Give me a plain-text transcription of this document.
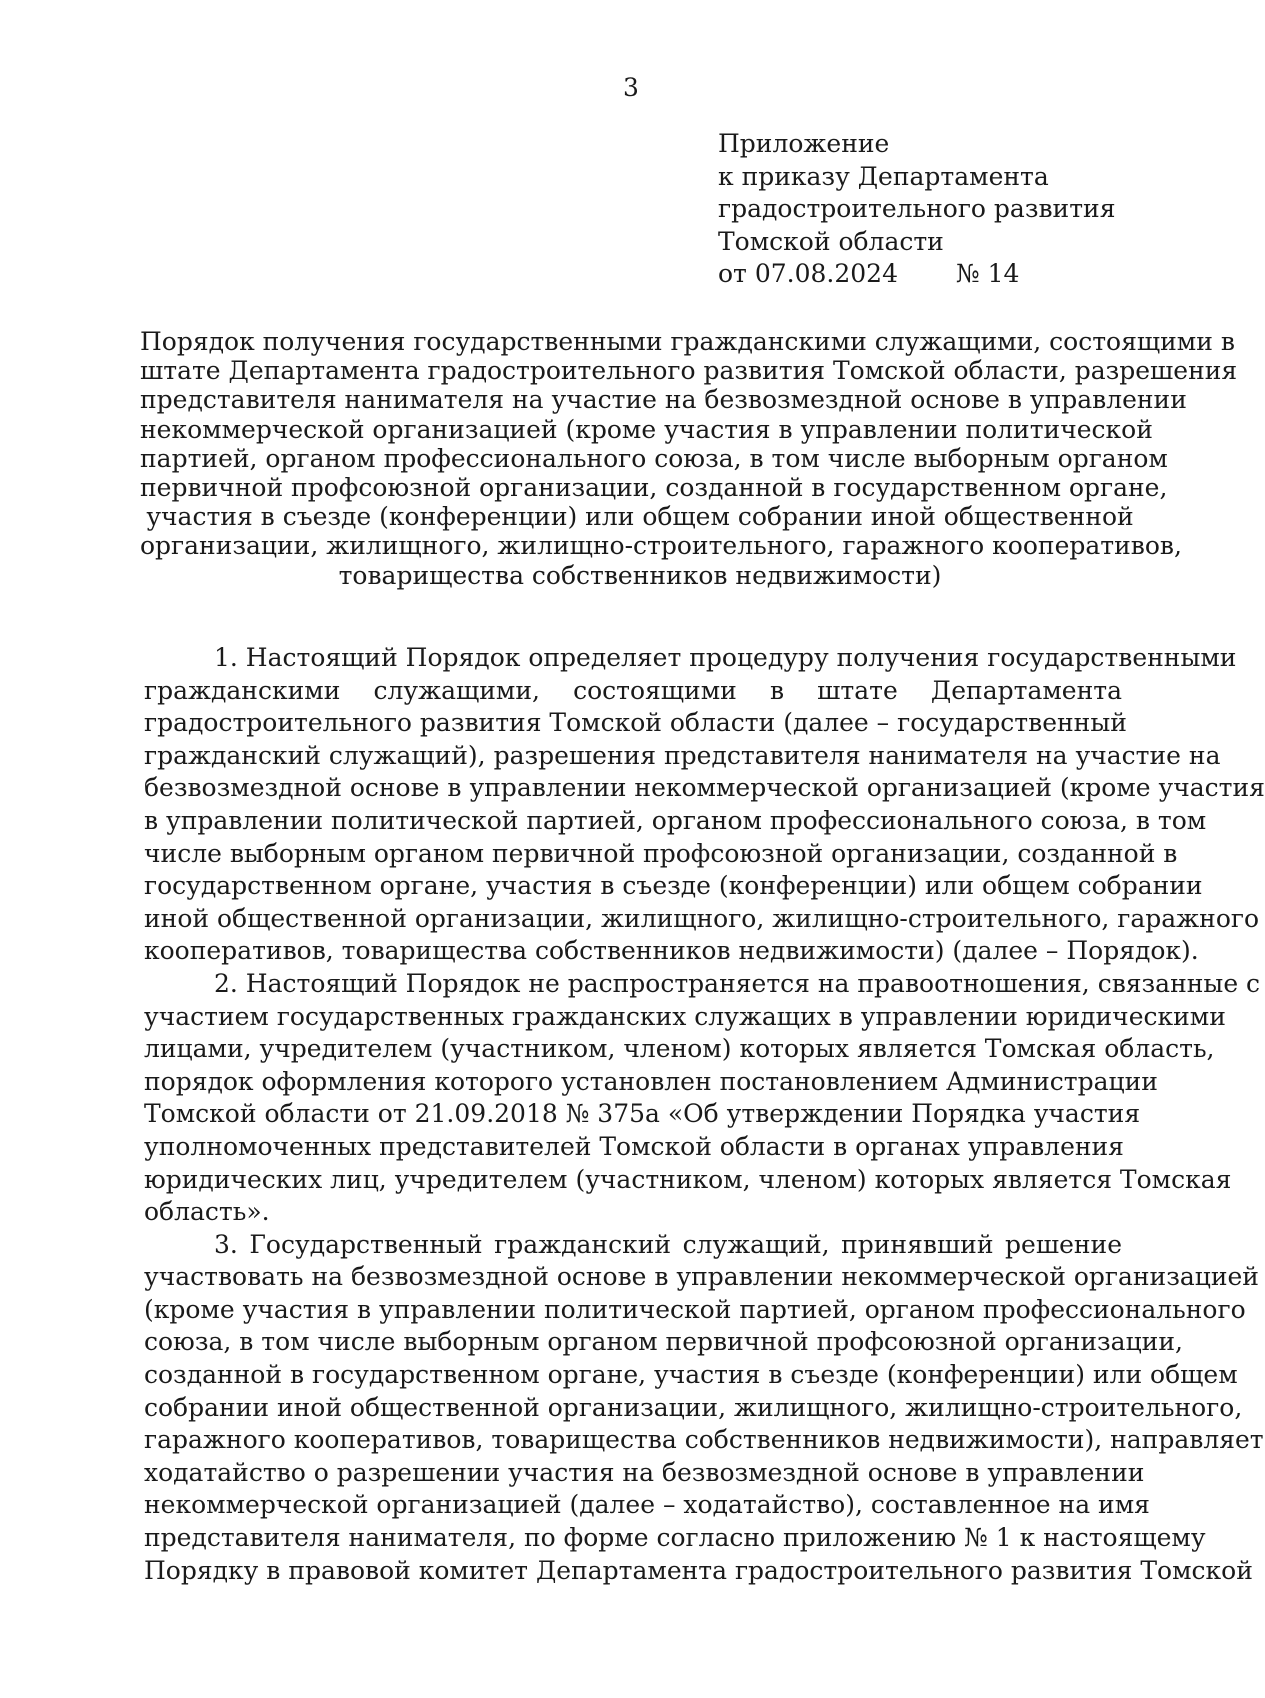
3
Приложение
к приказу Департамента
градостроительного развития
Томской области
от 07.08.2024 № 14
Порядок получения государственными гражданскими служащими, состоящими в
штате Департамента градостроительного развития Томской области, разрешения
представителя нанимателя на участие на безвозмездной основе в управлении
некоммерческой организацией (кроме участия в управлении политической
партией, органом профессионального союза, в том числе выборным органом
первичной профсоюзной организации, созданной в государственном органе,
участия в съезде (конференции) или общем собрании иной общественной
организации, жилищного, жилищно-строительного, гаражного кооперативов,
товарищества собственников недвижимости)
1. Настоящий Порядок определяет процедуру получения государственными
гражданскими служащими, состоящими в штате Департамента
градостроительного развития Томской области (далее – государственный
гражданский служащий), разрешения представителя нанимателя на участие на
безвозмездной основе в управлении некоммерческой организацией (кроме участия
в управлении политической партией, органом профессионального союза, в том
числе выборным органом первичной профсоюзной организации, созданной в
государственном органе, участия в съезде (конференции) или общем собрании
иной общественной организации, жилищного, жилищно-строительного, гаражного
кооперативов, товарищества собственников недвижимости) (далее – Порядок).
2. Настоящий Порядок не распространяется на правоотношения, связанные с
участием государственных гражданских служащих в управлении юридическими
лицами, учредителем (участником, членом) которых является Томская область,
порядок оформления которого установлен постановлением Администрации
Томской области от 21.09.2018 № 375а «Об утверждении Порядка участия
уполномоченных представителей Томской области в органах управления
юридических лиц, учредителем (участником, членом) которых является Томская
область».
3. Государственный гражданский служащий, принявший решение
участвовать на безвозмездной основе в управлении некоммерческой организацией
(кроме участия в управлении политической партией, органом профессионального
союза, в том числе выборным органом первичной профсоюзной организации,
созданной в государственном органе, участия в съезде (конференции) или общем
собрании иной общественной организации, жилищного, жилищно-строительного,
гаражного кооперативов, товарищества собственников недвижимости), направляет
ходатайство о разрешении участия на безвозмездной основе в управлении
некоммерческой организацией (далее – ходатайство), составленное на имя
представителя нанимателя, по форме согласно приложению № 1 к настоящему
Порядку в правовой комитет Департамента градостроительного развития Томской
